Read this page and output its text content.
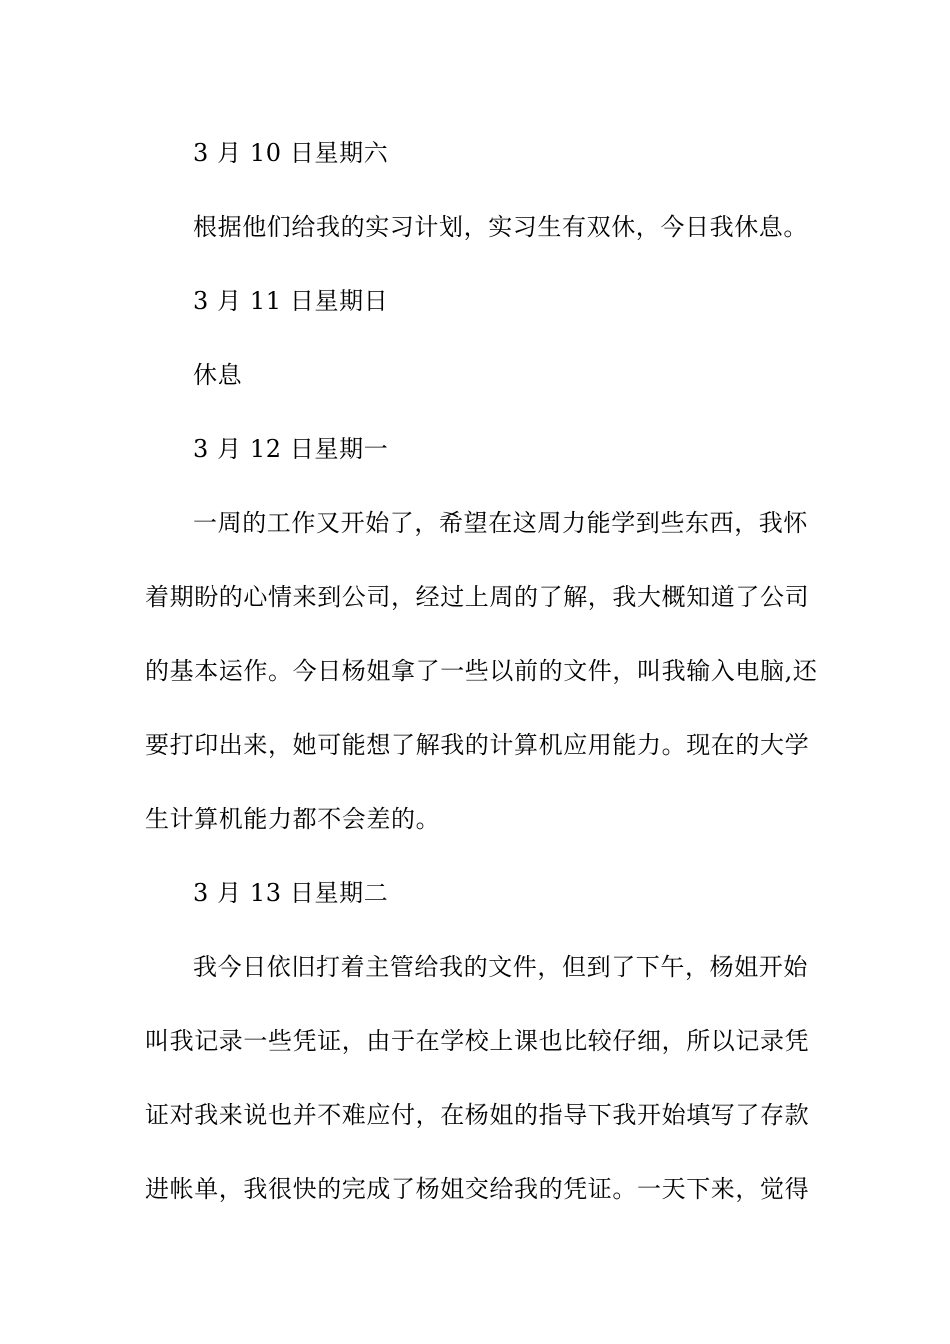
3 月 10 日星期六
根据他们给我的实习计划，实习生有双休，今日我休息。
3 月 11 日星期日
休息
3 月 12 日星期一
一周的工作又开始了，希望在这周力能学到些东西，我怀
着期盼的心情来到公司，经过上周的了解，我大概知道了公司
的基本运作。今日杨姐拿了一些以前的文件，叫我输入电脑,还
要打印出来，她可能想了解我的计算机应用能力。现在的大学
生计算机能力都不会差的。
3 月 13 日星期二
我今日依旧打着主管给我的文件，但到了下午，杨姐开始
叫我记录一些凭证，由于在学校上课也比较仔细，所以记录凭
证对我来说也并不难应付，在杨姐的指导下我开始填写了存款
进帐单，我很快的完成了杨姐交给我的凭证。一天下来，觉得
